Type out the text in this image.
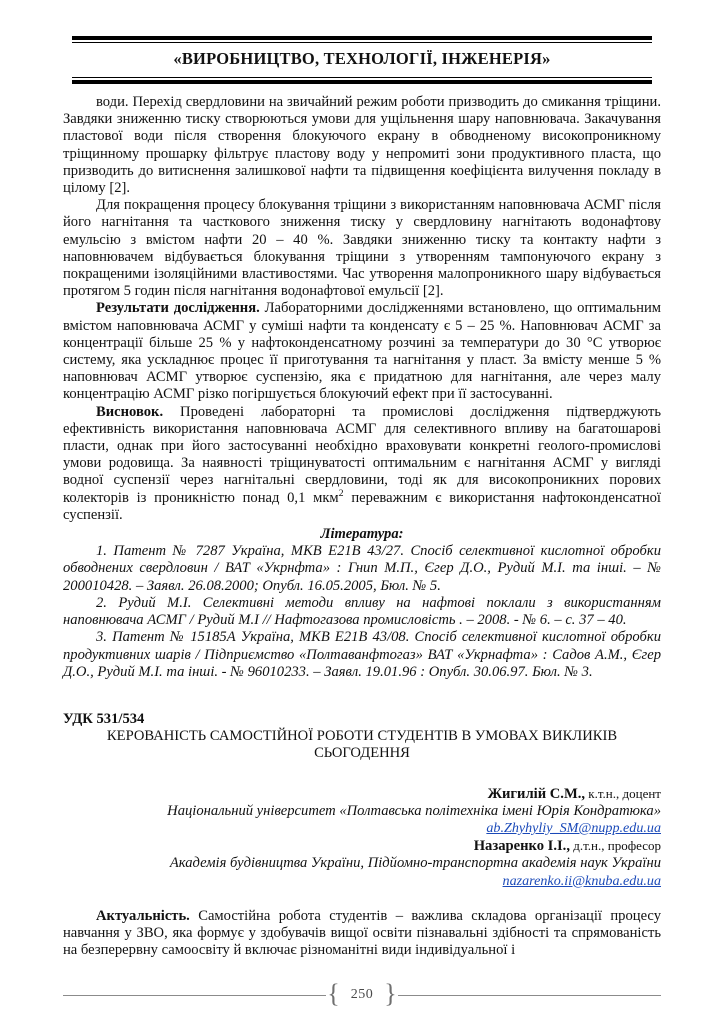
«ВИРОБНИЦТВО, ТЕХНОЛОГІЇ, ІНЖЕНЕРІЯ»

води. Перехід свердловини на звичайний режим роботи призводить до смикання тріщини. Завдяки зниженню тиску створюються умови для ущільнення шару наповнювача. Закачування пластової води після створення блокуючого екрану в обводненому високопроникному тріщинному прошарку фільтрує пластову воду у непромиті зони продуктивного пласта, що призводить до витиснення залишкової нафти та підвищення коефіцієнта вилучення покладу в цілому [2].

Для покращення процесу блокування тріщини з використанням наповнювача АСМГ після його нагнітання та часткового зниження тиску у свердловину нагнітають водонафтову емульсію з вмістом нафти 20 – 40 %. Завдяки зниженню тиску та контакту нафти з наповнювачем відбувається блокування тріщини з утворенням тампонуючого екрану з покращеними ізоляційними властивостями. Час утворення малопроникного шару відбувається протягом 5 годин після нагнітання водонафтової емульсії [2].

Результати дослідження. Лабораторними дослідженнями встановлено, що оптимальним вмістом наповнювача АСМГ у суміші нафти та конденсату є 5 – 25 %. Наповнювач АСМГ за концентрації більше 25 % у нафтоконденсатному розчині за температури до 30 °С утворює систему, яка ускладнює процес її приготування та нагнітання у пласт. За вмісту менше 5 % наповнювач АСМГ утворює суспензію, яка є придатною для нагнітання, але через малу концентрацію АСМГ різко погіршується блокуючий ефект при її застосуванні.

Висновок. Проведені лабораторні та промислові дослідження підтверджують ефективність використання наповнювача АСМГ для селективного впливу на багатошарові пласти, однак при його застосуванні необхідно враховувати конкретні геолого-промислові умови родовища. За наявності тріщинуватості оптимальним є нагнітання АСМГ у вигляді водної суспензії через нагнітальні свердловини, тоді як для високопроникних порових колекторів із проникністю понад 0,1 мкм$^2$ переважним є використання нафтоконденсатної суспензії.

Література:

1. Патент № 7287 Україна, МКВ Е21В 43/27. Спосіб селективної кислотної обробки обводнених свердловин / ВАТ «Укрнфта» : Гнип М.П., Єгер Д.О., Рудий М.І. та інші. – № 200010428. – Заявл. 26.08.2000; Опубл. 16.05.2005, Бюл. № 5.

2. Рудий М.І. Селективні методи впливу на нафтові поклали з використанням наповнювача АСМГ / Рудий М.І // Нафтогазова промисловість . – 2008. - № 6. – с. 37 – 40.

3. Патент № 15185А Україна, МКВ Е21В 43/08. Спосіб селективної кислотної обробки продуктивних шарів / Підприємство «Полтаванфтогаз» ВАТ «Укрнафта» : Садов А.М., Єгер Д.О., Рудий М.І. та інші. - № 96010233. – Заявл. 19.01.96 : Опубл. 30.06.97. Бюл. № 3.

УДК 531/534

КЕРОВАНІСТЬ САМОСТІЙНОЇ РОБОТИ СТУДЕНТІВ В УМОВАХ ВИКЛИКІВ СЬОГОДЕННЯ

Жигилій С.М., к.т.н., доцент

Національний університет «Полтавська політехніка імені Юрія Кондратюка»

ab.Zhyhyliy_SM@nupp.edu.ua

Назаренко І.І., д.т.н., професор

Академія будівництва України, Підйомно-транспортна академія наук України

nazarenko.ii@knuba.edu.ua

Актуальність. Самостійна робота студентів – важлива складова організації процесу навчання у ЗВО, яка формує у здобувачів вищої освіти пізнавальні здібності та спрямованість на безперервну самоосвіту й включає різноманітні види індивідуальної і

{ 250 }
